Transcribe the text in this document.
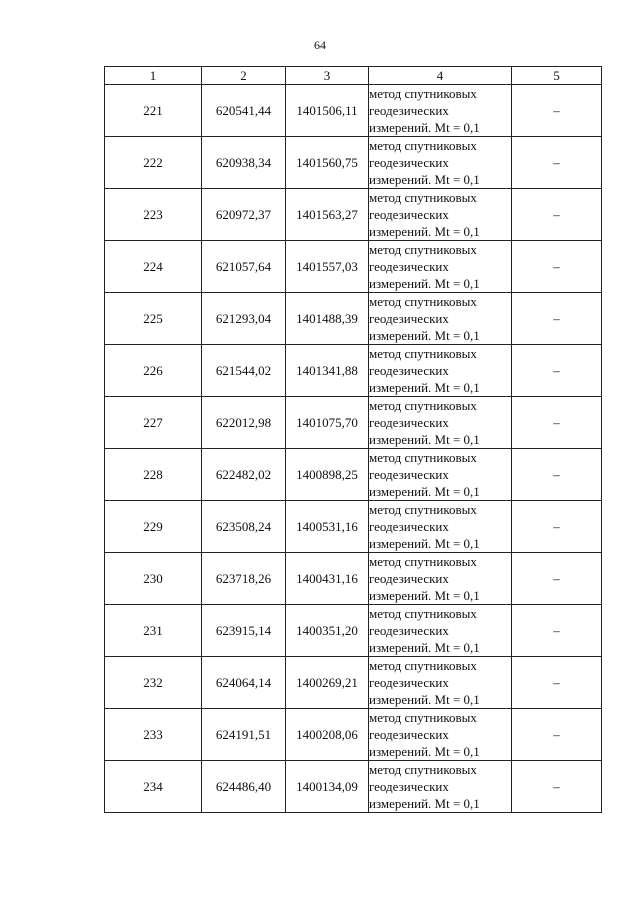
64
1	2	3	4	5
221	620541,44	1401506,11	метод спутниковых
геодезических
измерений. Mt = 0,1	–
222	620938,34	1401560,75	метод спутниковых
геодезических
измерений. Mt = 0,1	–
223	620972,37	1401563,27	метод спутниковых
геодезических
измерений. Mt = 0,1	–
224	621057,64	1401557,03	метод спутниковых
геодезических
измерений. Mt = 0,1	–
225	621293,04	1401488,39	метод спутниковых
геодезических
измерений. Mt = 0,1	–
226	621544,02	1401341,88	метод спутниковых
геодезических
измерений. Mt = 0,1	–
227	622012,98	1401075,70	метод спутниковых
геодезических
измерений. Mt = 0,1	–
228	622482,02	1400898,25	метод спутниковых
геодезических
измерений. Mt = 0,1	–
229	623508,24	1400531,16	метод спутниковых
геодезических
измерений. Mt = 0,1	–
230	623718,26	1400431,16	метод спутниковых
геодезических
измерений. Mt = 0,1	–
231	623915,14	1400351,20	метод спутниковых
геодезических
измерений. Mt = 0,1	–
232	624064,14	1400269,21	метод спутниковых
геодезических
измерений. Mt = 0,1	–
233	624191,51	1400208,06	метод спутниковых
геодезических
измерений. Mt = 0,1	–
234	624486,40	1400134,09	метод спутниковых
геодезических
измерений. Mt = 0,1	–
